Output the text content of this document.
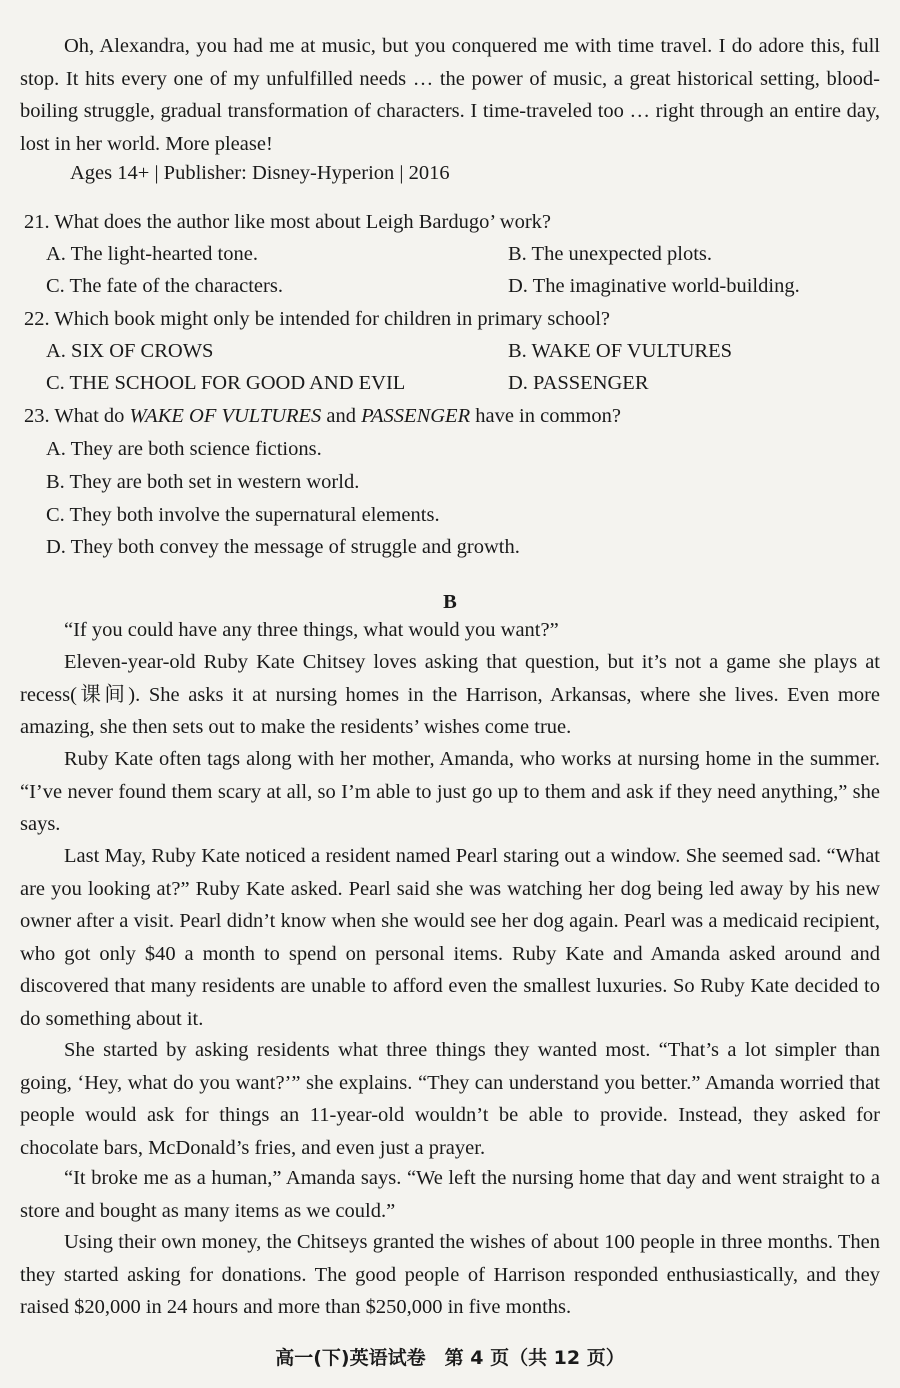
Oh, Alexandra, you had me at music, but you conquered me with time travel. I do adore this, full stop. It hits every one of my unfulfilled needs … the power of music, a great historical setting, blood-boiling struggle, gradual transformation of characters. I time-traveled too … right through an entire day, lost in her world. More please!

Ages 14+ | Publisher: Disney-Hyperion | 2016
21. What does the author like most about Leigh Bardugo’ work?
A. The light-hearted tone.	B. The unexpected plots.
C. The fate of the characters.	D. The imaginative world-building.
22. Which book might only be intended for children in primary school?
A. SIX OF CROWS	B. WAKE OF VULTURES
C. THE SCHOOL FOR GOOD AND EVIL	D. PASSENGER
23. What do WAKE OF VULTURES and PASSENGER have in common?
A. They are both science fictions.
B. They are both set in western world.
C. They both involve the supernatural elements.
D. They both convey the message of struggle and growth.
B

“If you could have any three things, what would you want?”

Eleven-year-old Ruby Kate Chitsey loves asking that question, but it’s not a game she plays at recess(课间). She asks it at nursing homes in the Harrison, Arkansas, where she lives. Even more amazing, she then sets out to make the residents’ wishes come true.

Ruby Kate often tags along with her mother, Amanda, who works at nursing home in the summer. “I’ve never found them scary at all, so I’m able to just go up to them and ask if they need anything,” she says.

Last May, Ruby Kate noticed a resident named Pearl staring out a window. She seemed sad. “What are you looking at?” Ruby Kate asked. Pearl said she was watching her dog being led away by his new owner after a visit. Pearl didn’t know when she would see her dog again. Pearl was a medicaid recipient, who got only $40 a month to spend on personal items. Ruby Kate and Amanda asked around and discovered that many residents are unable to afford even the smallest luxuries. So Ruby Kate decided to do something about it.

She started by asking residents what three things they wanted most. “That’s a lot simpler than going, ‘Hey, what do you want?’” she explains. “They can understand you better.” Amanda worried that people would ask for things an 11-year-old wouldn’t be able to provide. Instead, they asked for chocolate bars, McDonald’s fries, and even just a prayer.

“It broke me as a human,” Amanda says. “We left the nursing home that day and went straight to a store and bought as many items as we could.”

Using their own money, the Chitseys granted the wishes of about 100 people in three months. Then they started asking for donations. The good people of Harrison responded enthusiastically, and they raised $20,000 in 24 hours and more than $250,000 in five months.

高一(下)英语试卷　第 4 页（共 12 页）
